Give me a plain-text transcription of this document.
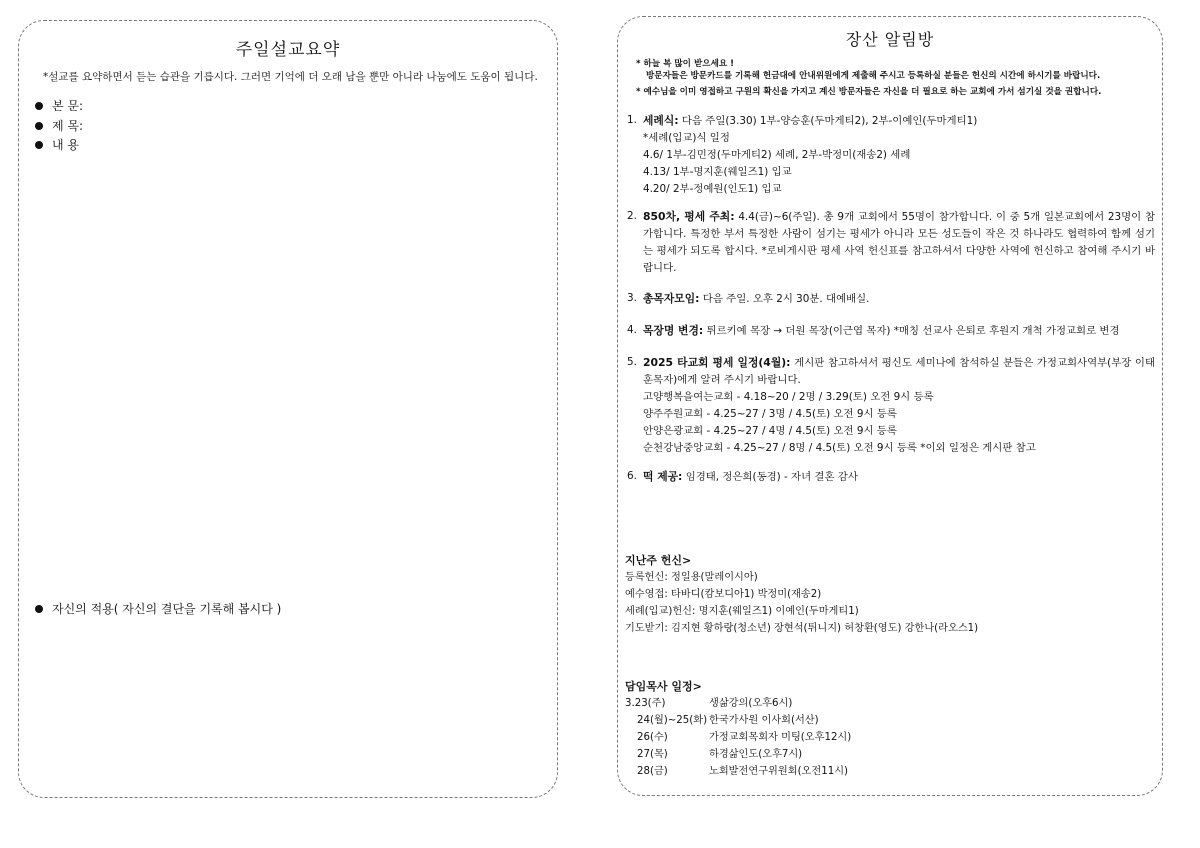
주일설교요약
*설교를 요약하면서 듣는 습관을 기릅시다. 그러면 기억에 더 오래 남을 뿐만 아니라 나눔에도 도움이 됩니다.
본 문:
제 목:
내 용
자신의 적용( 자신의 결단을 기록해 봅시다 )
장산 알림방
* 하늘 복 많이 받으세요 !
방문자들은 방문카드를 기록해 헌금대에 안내위원에게 제출해 주시고 등록하실 분들은 헌신의 시간에 하시기를 바랍니다.
* 예수님을 이미 영접하고 구원의 확신을 가지고 계신 방문자들은 자신을 더 필요로 하는 교회에 가서 섬기실 것을 권합니다.
1. 세례식: 다음 주일(3.30) 1부-양승훈(두마게티2), 2부-이예인(두마게티1)
*세례(입교)식 일정
4.6/ 1부-김민정(두마게티2) 세례, 2부-박정미(재송2) 세례
4.13/ 1부-명지훈(웨일즈1) 입교
4.20/ 2부-정예원(인도1) 입교
2. 850차, 평세 주최: 4.4(금)~6(주일). 총 9개 교회에서 55명이 참가합니다. 이 중 5개 일본교회에서 23명이 참가합니다. 특정한 부서 특정한 사람이 섬기는 평세가 아니라 모든 성도들이 작은 것 하나라도 협력하여 함께 섬기는 평세가 되도록 합시다. *로비게시판 평세 사역 헌신표를 참고하셔서 다양한 사역에 헌신하고 참여해 주시기 바랍니다.
3. 총목자모임: 다음 주일. 오후 2시 30분. 대예배실.
4. 목장명 변경: 튀르키예 목장 → 더원 목장(이근엽 목자) *매칭 선교사 은퇴로 후원지 개척 가정교회로 변경
5. 2025 타교회 평세 일정(4월): 게시판 참고하셔서 평신도 세미나에 참석하실 분들은 가정교회사역부(부장 이태훈목자)에게 알려 주시기 바랍니다.
고양행복을여는교회 - 4.18~20 / 2명 / 3.29(토) 오전 9시 등록
양주주원교회 - 4.25~27 / 3명 / 4.5(토) 오전 9시 등록
안양은광교회 - 4.25~27 / 4명 / 4.5(토) 오전 9시 등록
순천강남중앙교회 - 4.25~27 / 8명 / 4.5(토) 오전 9시 등록 *이외 일정은 게시판 참고
6. 떡 제공: 임경태, 정은희(동경) - 자녀 결혼 감사
지난주 헌신>
등록헌신: 정일용(말레이시아)
예수영접: 타바디(캄보디아1) 박정미(재송2)
세례(입교)헌신: 명지훈(웨일즈1) 이예인(두마게티1)
기도받기: 김지현 황하랑(청소년) 장현석(튀니지) 허창환(영도) 강한나(라오스1)
담임목사 일정>
3.23(주)	생삶강의(오후6시)
24(월)~25(화) 한국가사원 이사회(서산)
26(수)	가정교회목회자 미팅(오후12시)
27(목)	하경삶인도(오후7시)
28(금)	노회발전연구위원회(오전11시)
